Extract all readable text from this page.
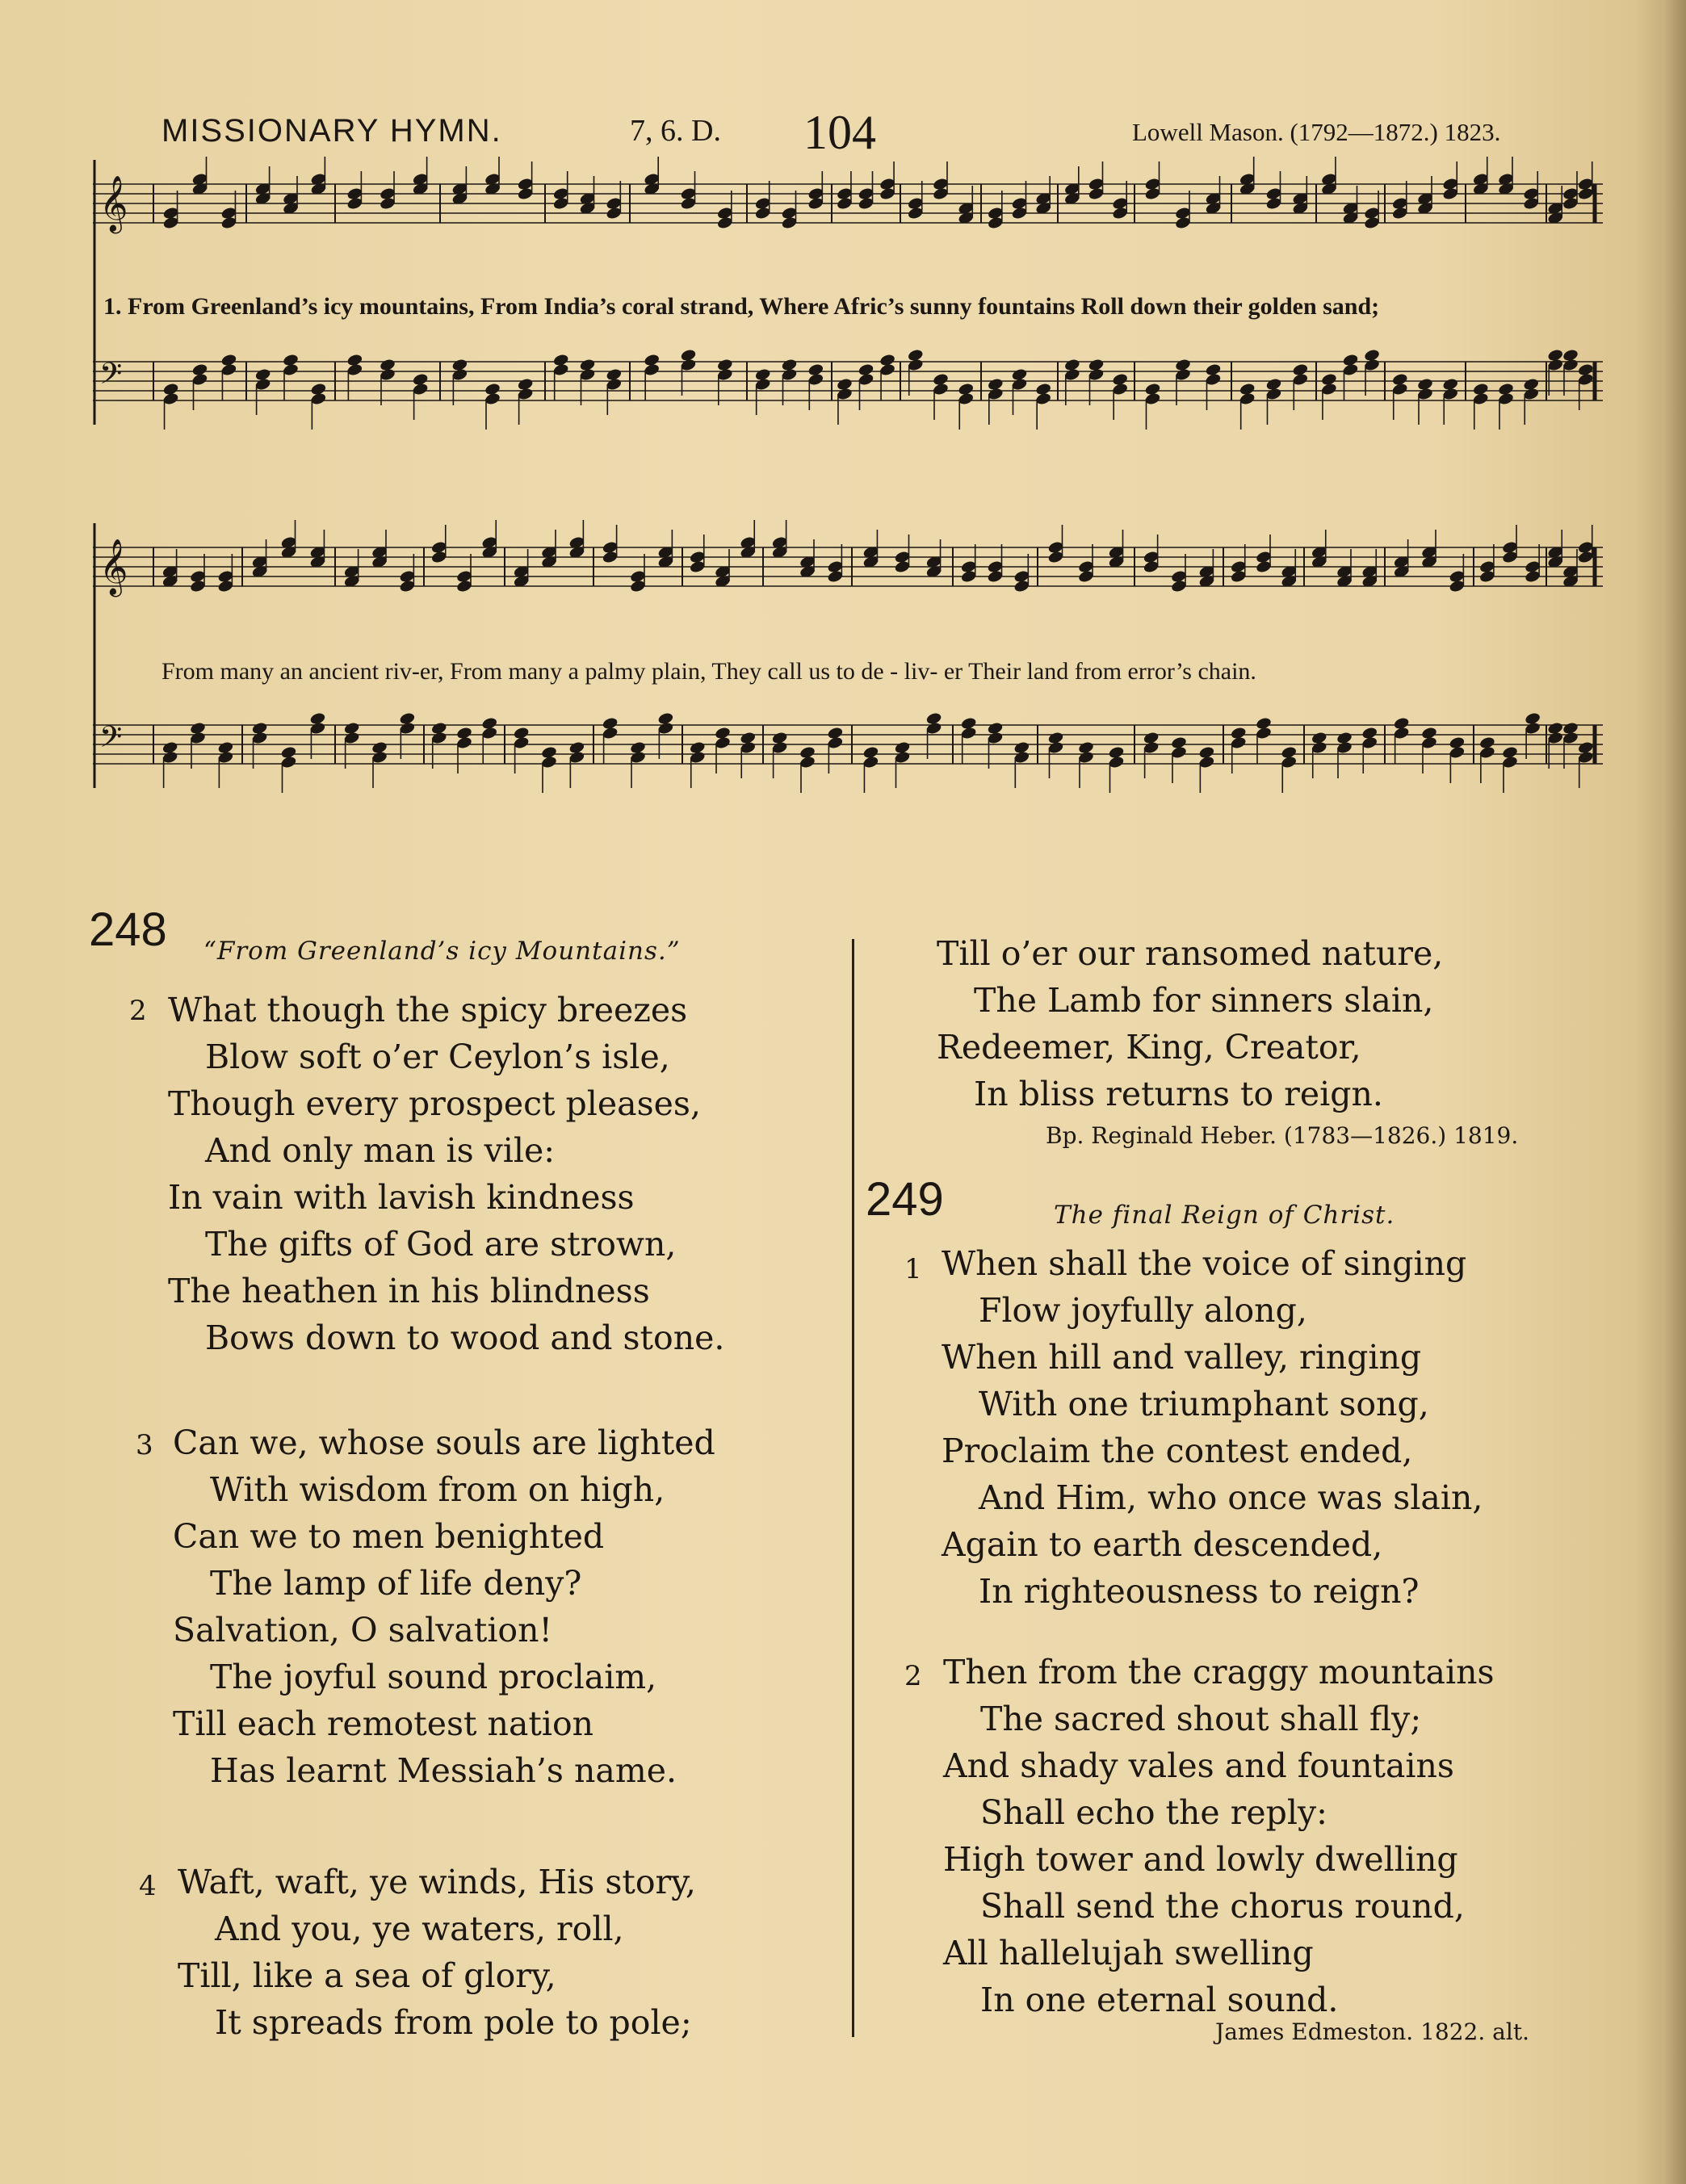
MISSIONARY HYMN.	7, 6. D. 104	Lowell Mason. (1792—1872.) 1823.
𝄞
𝄢
1. From Greenland’s icy mountains, From India’s coral strand, Where Afric’s sunny fountains Roll down their golden sand;
𝄞
𝄢
From many an ancient riv-er, From many a palmy plain, They call us to de - liv- er Their land from error’s chain.
248 “From Greenland’s icy Mountains.”
2 What though the spicy breezes
Blow soft o’er Ceylon’s isle,
Though every prospect pleases,
And only man is vile:
In vain with lavish kindness
The gifts of God are strown,
The heathen in his blindness
Bows down to wood and stone.
3 Can we, whose souls are lighted
With wisdom from on high,
Can we to men benighted
The lamp of life deny?
Salvation, O salvation!
The joyful sound proclaim,
Till each remotest nation
Has learnt Messiah’s name.
4 Waft, waft, ye winds, His story,
And you, ye waters, roll,
Till, like a sea of glory,
It spreads from pole to pole;
Till o’er our ransomed nature,
The Lamb for sinners slain,
Redeemer, King, Creator,
In bliss returns to reign.
Bp. Reginald Heber. (1783—1826.) 1819.
249	The final Reign of Christ.
1 When shall the voice of singing
Flow joyfully along,
When hill and valley, ringing
With one triumphant song,
Proclaim the contest ended,
And Him, who once was slain,
Again to earth descended,
In righteousness to reign?
2 Then from the craggy mountains
The sacred shout shall fly;
And shady vales and fountains
Shall echo the reply:
High tower and lowly dwelling
Shall send the chorus round,
All hallelujah swelling
In one eternal sound.
James Edmeston. 1822. alt.
